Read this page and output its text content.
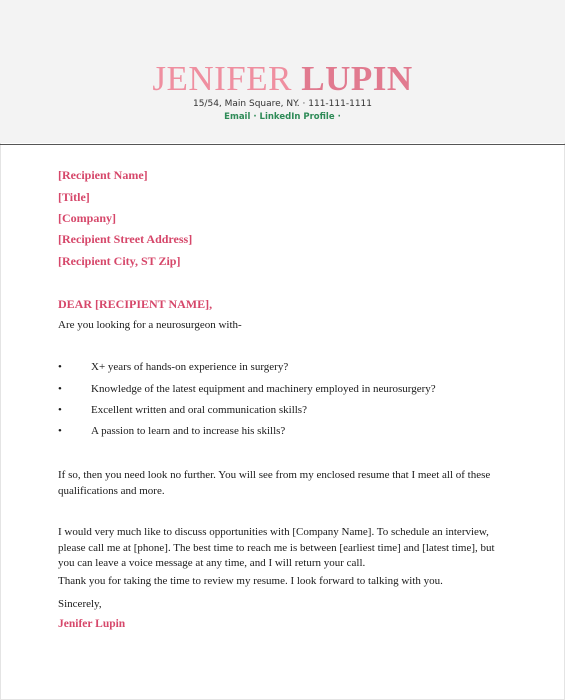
JENIFER LUPIN
15/54, Main Square, NY. · 111-111-1111
Email · LinkedIn Profile ·
[Recipient Name]
[Title]
[Company]
[Recipient Street Address]
[Recipient City, ST Zip]
DEAR [RECIPIENT NAME],
Are you looking for a neurosurgeon with-
•	X+ years of hands-on experience in surgery?
•	Knowledge of the latest equipment and machinery employed in neurosurgery?
•	Excellent written and oral communication skills?
•	A passion to learn and to increase his skills?
If so, then you need look no further. You will see from my enclosed resume that I meet all of these qualifications and more.
I would very much like to discuss opportunities with [Company Name]. To schedule an interview, please call me at [phone]. The best time to reach me is between [earliest time] and [latest time], but you can leave a voice message at any time, and I will return your call.
Thank you for taking the time to review my resume. I look forward to talking with you.
Sincerely,
Jenifer Lupin
